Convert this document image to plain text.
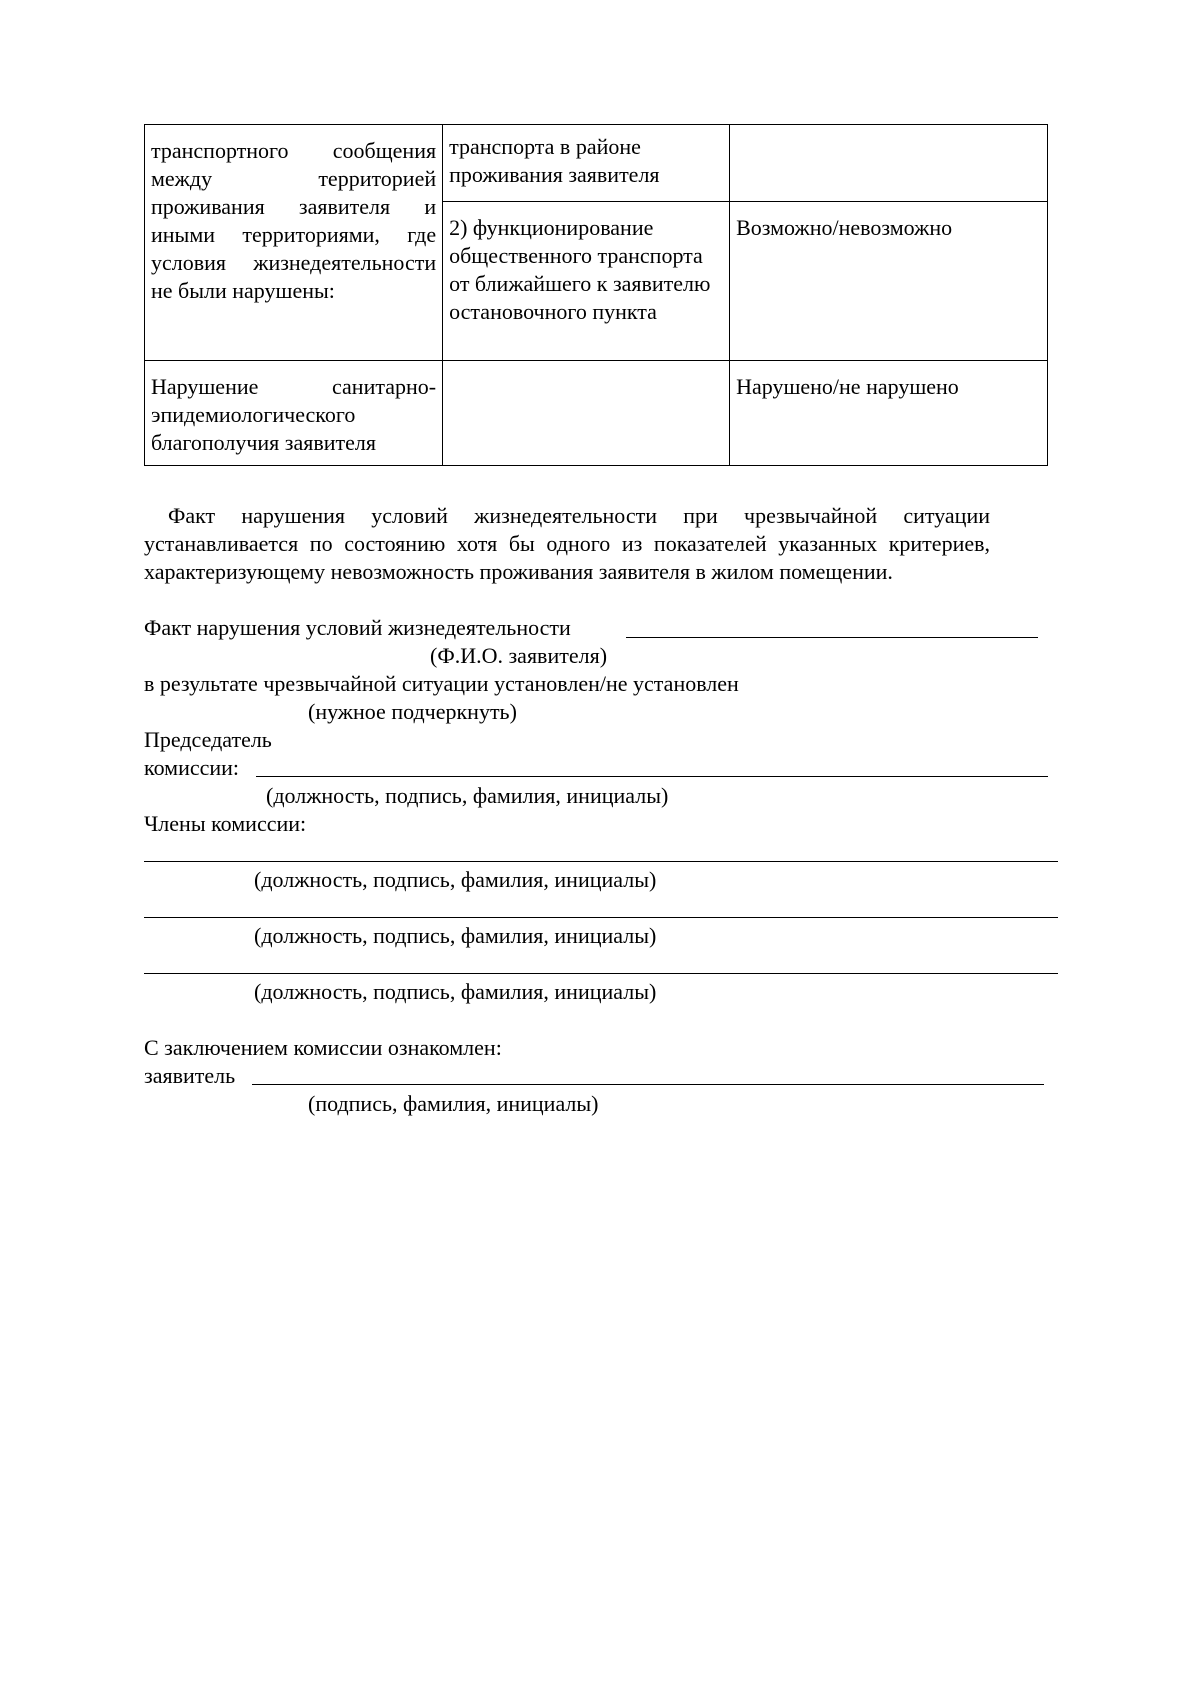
транспортного сообщения между территорией проживания заявителя и иными территориями, где условия жизнедеятельности не были нарушены:	транспорта в районе проживания заявителя	
	2) функционирование общественного транспорта от ближайшего к заявителю остановочного пункта	Возможно/невозможно
Нарушение санитарно-эпидемиологического благополучия заявителя		Нарушено/не нарушено
Факт нарушения условий жизнедеятельности при чрезвычайной ситуации устанавливается по состоянию хотя бы одного из показателей указанных критериев, характеризующему невозможность проживания заявителя в жилом помещении.
Факт нарушения условий жизнедеятельности
(Ф.И.О. заявителя)
в результате чрезвычайной ситуации установлен/не установлен
(нужное подчеркнуть)
Председатель
комиссии:
(должность, подпись, фамилия, инициалы)
Члены комиссии:
(должность, подпись, фамилия, инициалы)
(должность, подпись, фамилия, инициалы)
(должность, подпись, фамилия, инициалы)
С заключением комиссии ознакомлен:
заявитель
(подпись, фамилия, инициалы)
